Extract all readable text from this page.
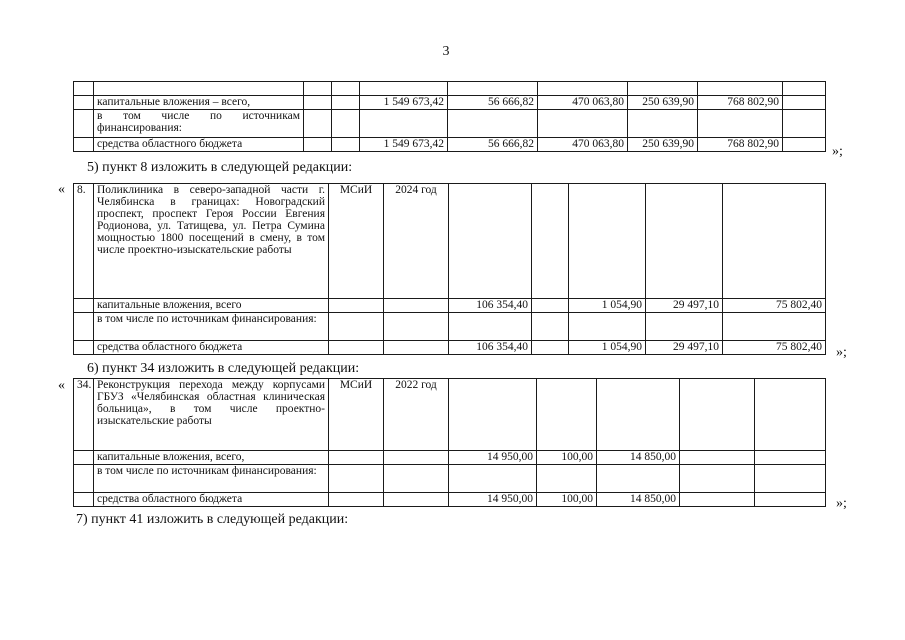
3

	капитальные вложения – всего,			1 549 673,42	56 666,82	470 063,80	250 639,90	768 802,90	
	в том числе по источникам финансирования:								
	средства областного бюджета			1 549 673,42	56 666,82	470 063,80	250 639,90	768 802,90		»;
5) пункт 8 изложить в следующей редакции:
« 8.	Поликлиника в северо-западной части г. Челябинска в границах: Новоградский проспект, проспект Героя России Евгения Родионова, ул. Татищева, ул. Петра Сумина мощностью 1800 посещений в смену, в том числе проектно-изыскательские работы	МСиИ	2024 год					
	капитальные вложения, всего			106 354,40		1 054,90	29 497,10	75 802,40
	в том числе по источникам финансирования:							
	средства областного бюджета			106 354,40		1 054,90	29 497,10	75 802,40 »;
6) пункт 34 изложить в следующей редакции:
« 34.	Реконструкция перехода между корпусами ГБУЗ «Челябинская областная клиническая больница», в том числе проектно-изыскательские работы	МСиИ	2022 год					
	капитальные вложения, всего,			14 950,00	100,00	14 850,00		
	в том числе по источникам финансирования:							
	средства областного бюджета			14 950,00	100,00	14 850,00			»;
7) пункт 41 изложить в следующей редакции:
